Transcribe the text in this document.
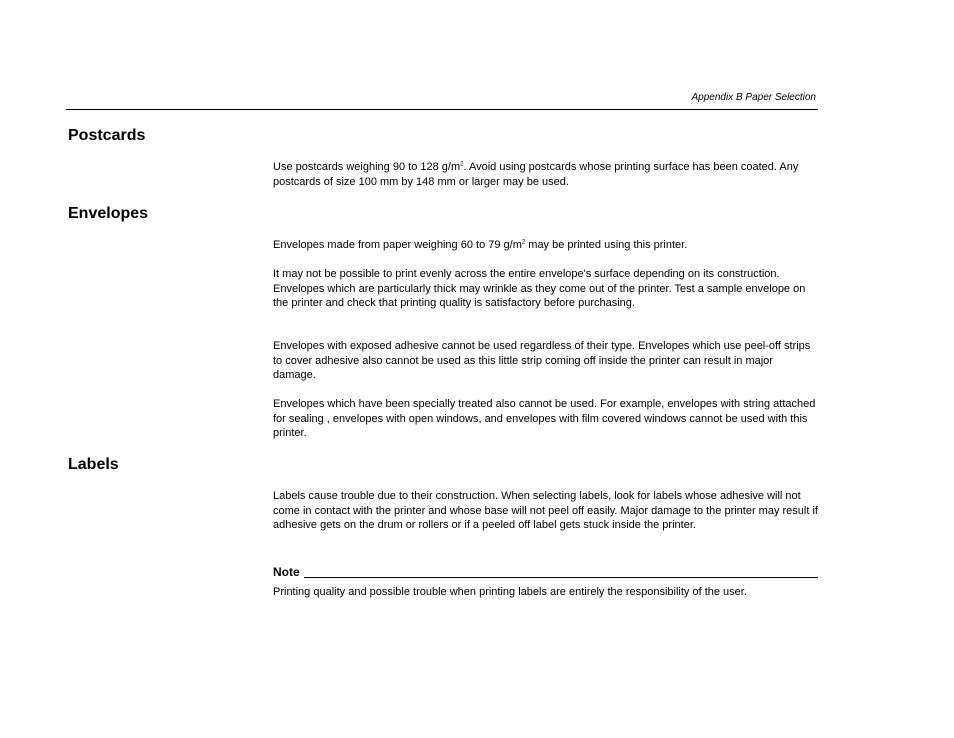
Appendix B Paper Selection
Postcards

Use postcards weighing 90 to 128 $g/m^2$. Avoid using postcards whose printing surface has been coated. Any postcards of size 100 mm by 148 mm or larger may be used.

Envelopes

Envelopes made from paper weighing 60 to 79 $g/m^2$ may be printed using this printer.

It may not be possible to print evenly across the entire envelope's surface depending on its construction. Envelopes which are particularly thick may wrinkle as they come out of the printer. Test a sample envelope on the printer and check that printing quality is satisfactory before purchasing.

Envelopes with exposed adhesive cannot be used regardless of their type. Envelopes which use peel-off strips to cover adhesive also cannot be used as this little strip coming off inside the printer can result in major damage.

Envelopes which have been specially treated also cannot be used. For example, envelopes with string attached for sealing , envelopes with open windows, and envelopes with film covered windows cannot be used with this printer.

Labels

Labels cause trouble due to their construction. When selecting labels, look for labels whose adhesive will not come in contact with the printer and whose base will not peel off easily. Major damage to the printer may result if adhesive gets on the drum or rollers or if a peeled off label gets stuck inside the printer.

Note

Printing quality and possible trouble when printing labels are entirely the responsibility of the user.
